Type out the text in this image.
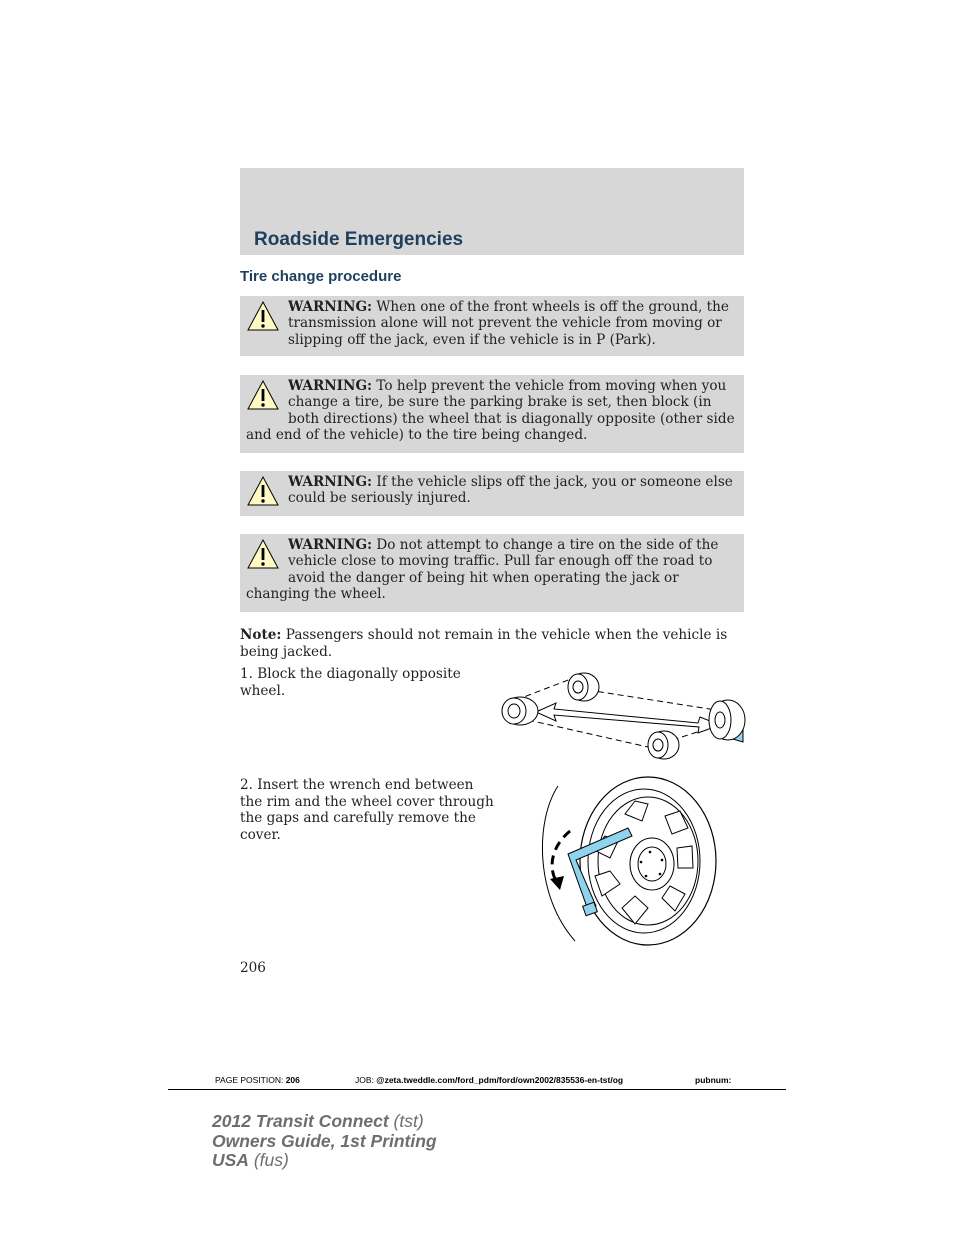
Roadside Emergencies
Tire change procedure
WARNING: When one of the front wheels is off the ground, the transmission alone will not prevent the vehicle from moving or slipping off the jack, even if the vehicle is in P (Park).
WARNING: To help prevent the vehicle from moving when you change a tire, be sure the parking brake is set, then block (in both directions) the wheel that is diagonally opposite (other side and end of the vehicle) to the tire being changed.
WARNING: If the vehicle slips off the jack, you or someone else could be seriously injured.
WARNING: Do not attempt to change a tire on the side of the vehicle close to moving traffic. Pull far enough off the road to avoid the danger of being hit when operating the jack or changing the wheel.
Note: Passengers should not remain in the vehicle when the vehicle is being jacked.
1. Block the diagonally opposite wheel.
2. Insert the wrench end between the rim and the wheel cover through the gaps and carefully remove the cover.
206
PAGE POSITION: 206	JOB: @zeta.tweddle.com/ford_pdm/ford/own2002/835536-en-tst/og	pubnum:
2012 Transit Connect (tst)
Owners Guide, 1st Printing
USA (fus)
